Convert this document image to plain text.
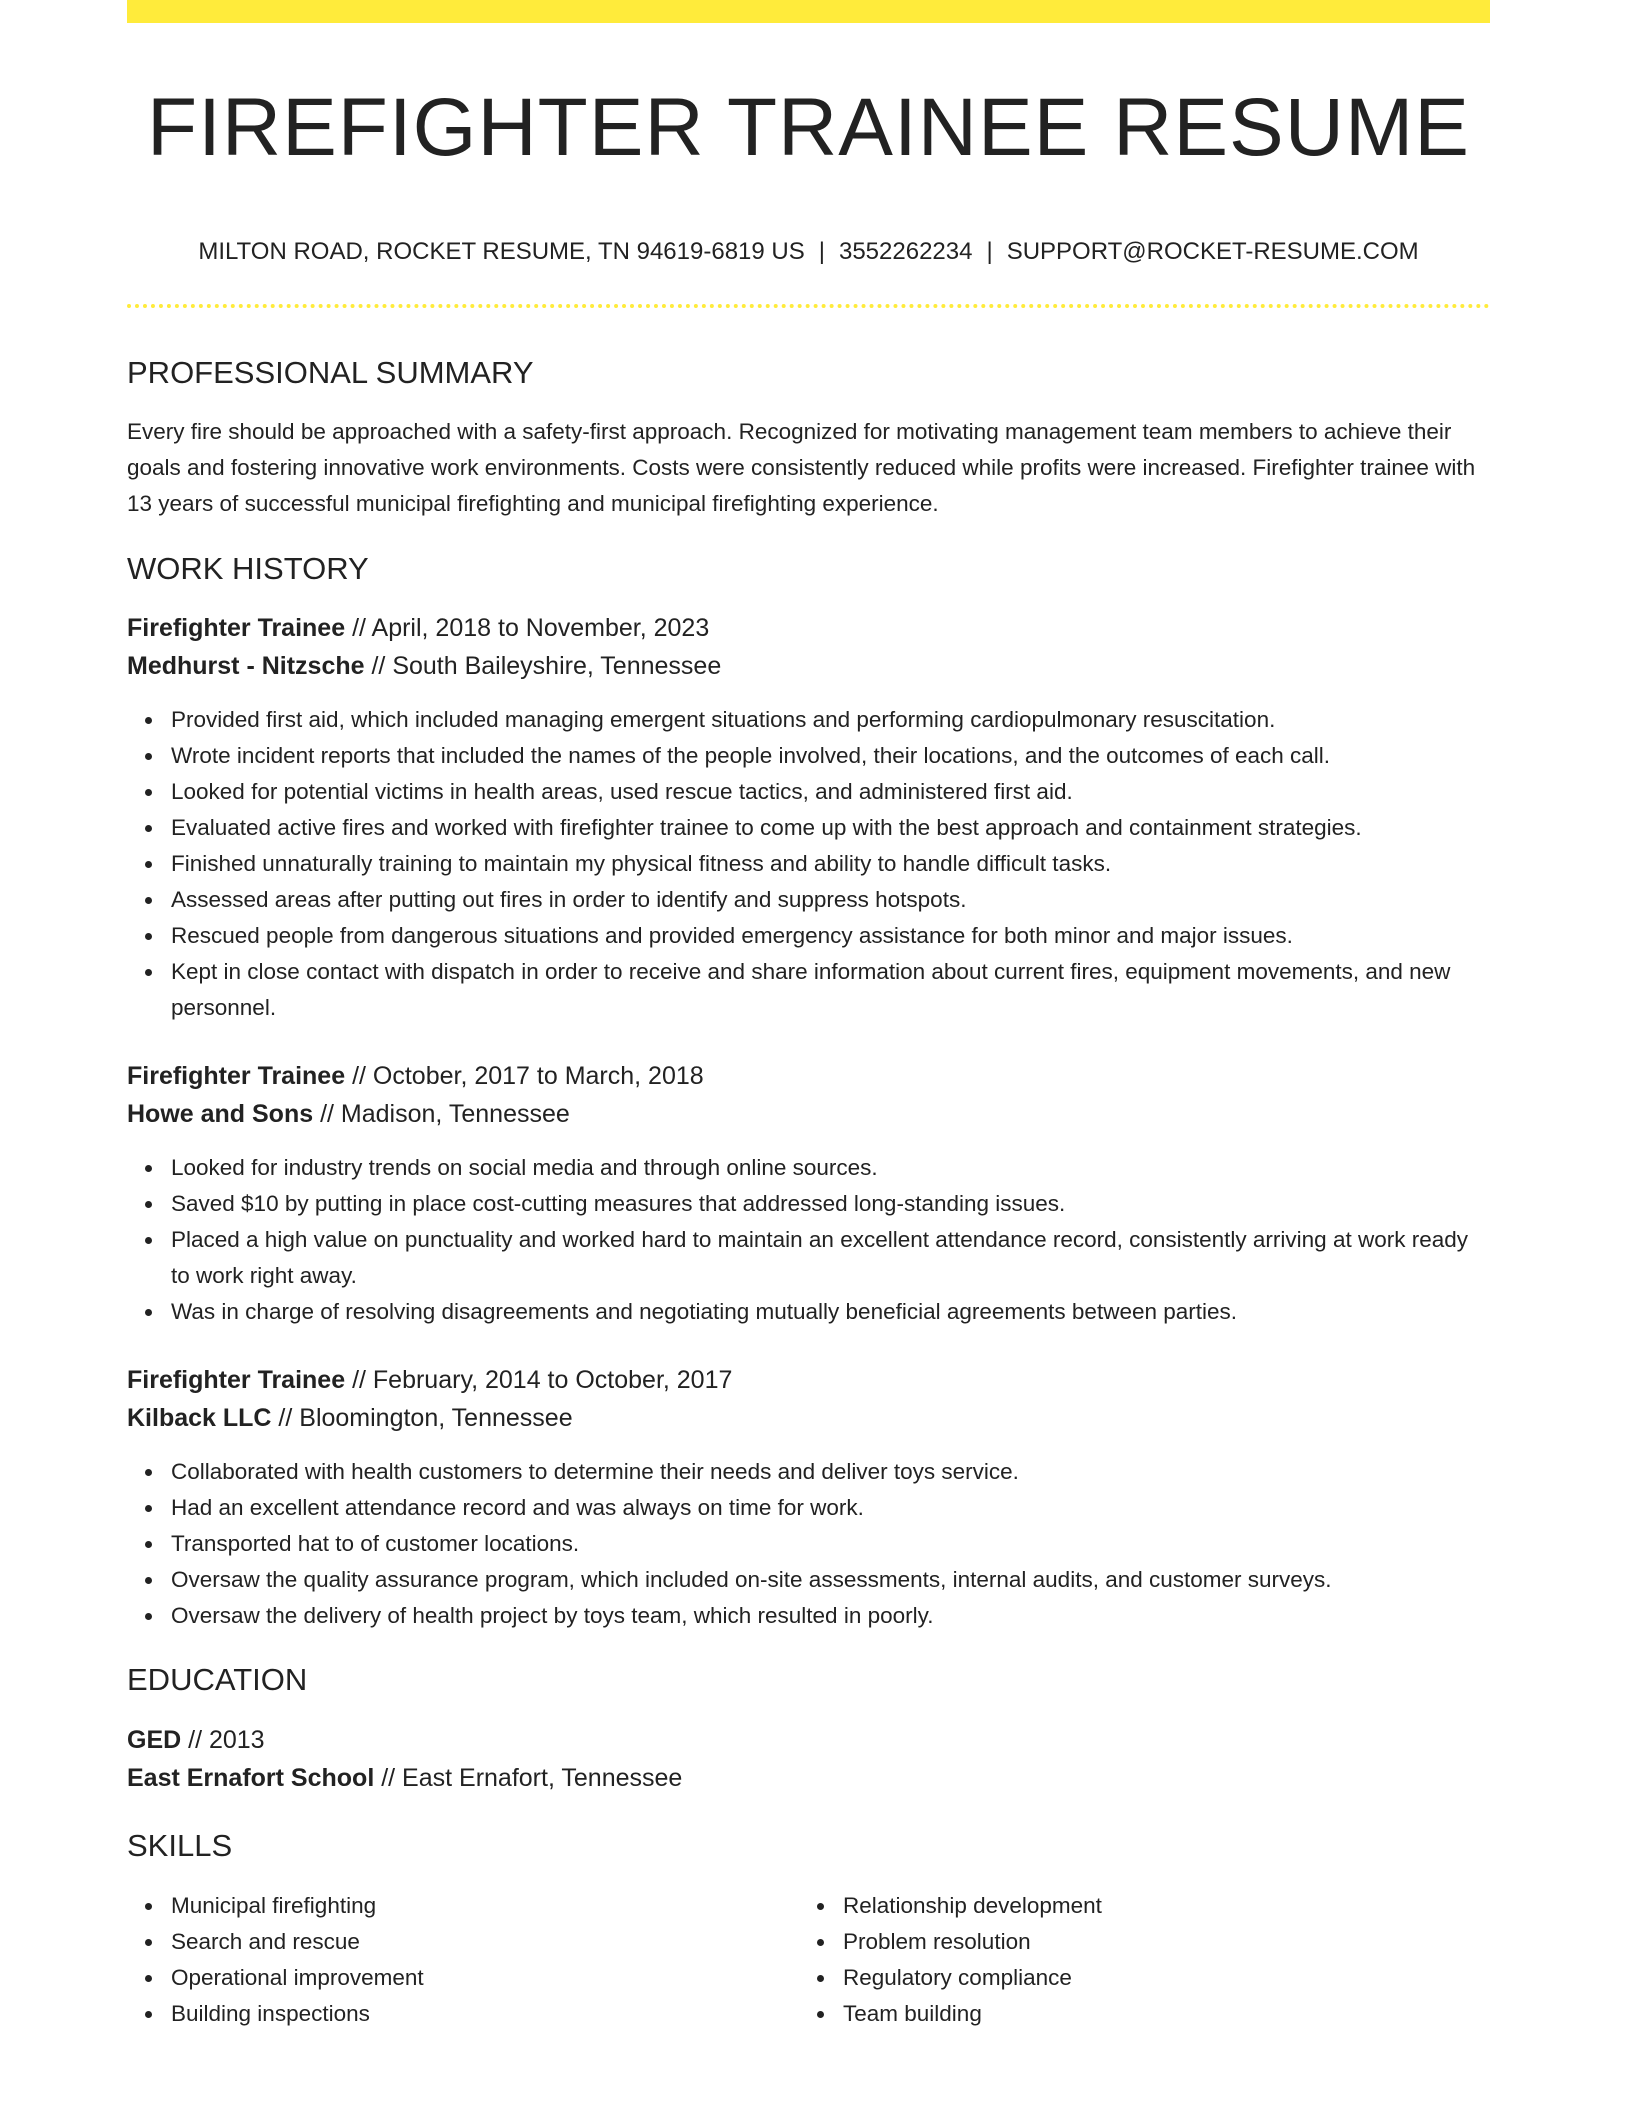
FIREFIGHTER TRAINEE RESUME
MILTON ROAD, ROCKET RESUME, TN 94619-6819 US | 3552262234 | SUPPORT@ROCKET-RESUME.COM
PROFESSIONAL SUMMARY

Every fire should be approached with a safety-first approach. Recognized for motivating management team members to achieve their goals and fostering innovative work environments. Costs were consistently reduced while profits were increased. Firefighter trainee with 13 years of successful municipal firefighting and municipal firefighting experience.

WORK HISTORY

Firefighter Trainee // April, 2018 to November, 2023

Medhurst - Nitzsche // South Baileyshire, Tennessee

Provided first aid, which included managing emergent situations and performing cardiopulmonary resuscitation.
Wrote incident reports that included the names of the people involved, their locations, and the outcomes of each call.
Looked for potential victims in health areas, used rescue tactics, and administered first aid.
Evaluated active fires and worked with firefighter trainee to come up with the best approach and containment strategies.
Finished unnaturally training to maintain my physical fitness and ability to handle difficult tasks.
Assessed areas after putting out fires in order to identify and suppress hotspots.
Rescued people from dangerous situations and provided emergency assistance for both minor and major issues.
Kept in close contact with dispatch in order to receive and share information about current fires, equipment movements, and new personnel.

Firefighter Trainee // October, 2017 to March, 2018

Howe and Sons // Madison, Tennessee

Looked for industry trends on social media and through online sources.
Saved $10 by putting in place cost-cutting measures that addressed long-standing issues.
Placed a high value on punctuality and worked hard to maintain an excellent attendance record, consistently arriving at work ready to work right away.
Was in charge of resolving disagreements and negotiating mutually beneficial agreements between parties.

Firefighter Trainee // February, 2014 to October, 2017

Kilback LLC // Bloomington, Tennessee

Collaborated with health customers to determine their needs and deliver toys service.
Had an excellent attendance record and was always on time for work.
Transported hat to of customer locations.
Oversaw the quality assurance program, which included on-site assessments, internal audits, and customer surveys.
Oversaw the delivery of health project by toys team, which resulted in poorly.
EDUCATION

GED // 2013

East Ernafort School // East Ernafort, Tennessee

SKILLS
Municipal firefighting
Search and rescue
Operational improvement
Building inspections
Relationship development
Problem resolution
Regulatory compliance
Team building
